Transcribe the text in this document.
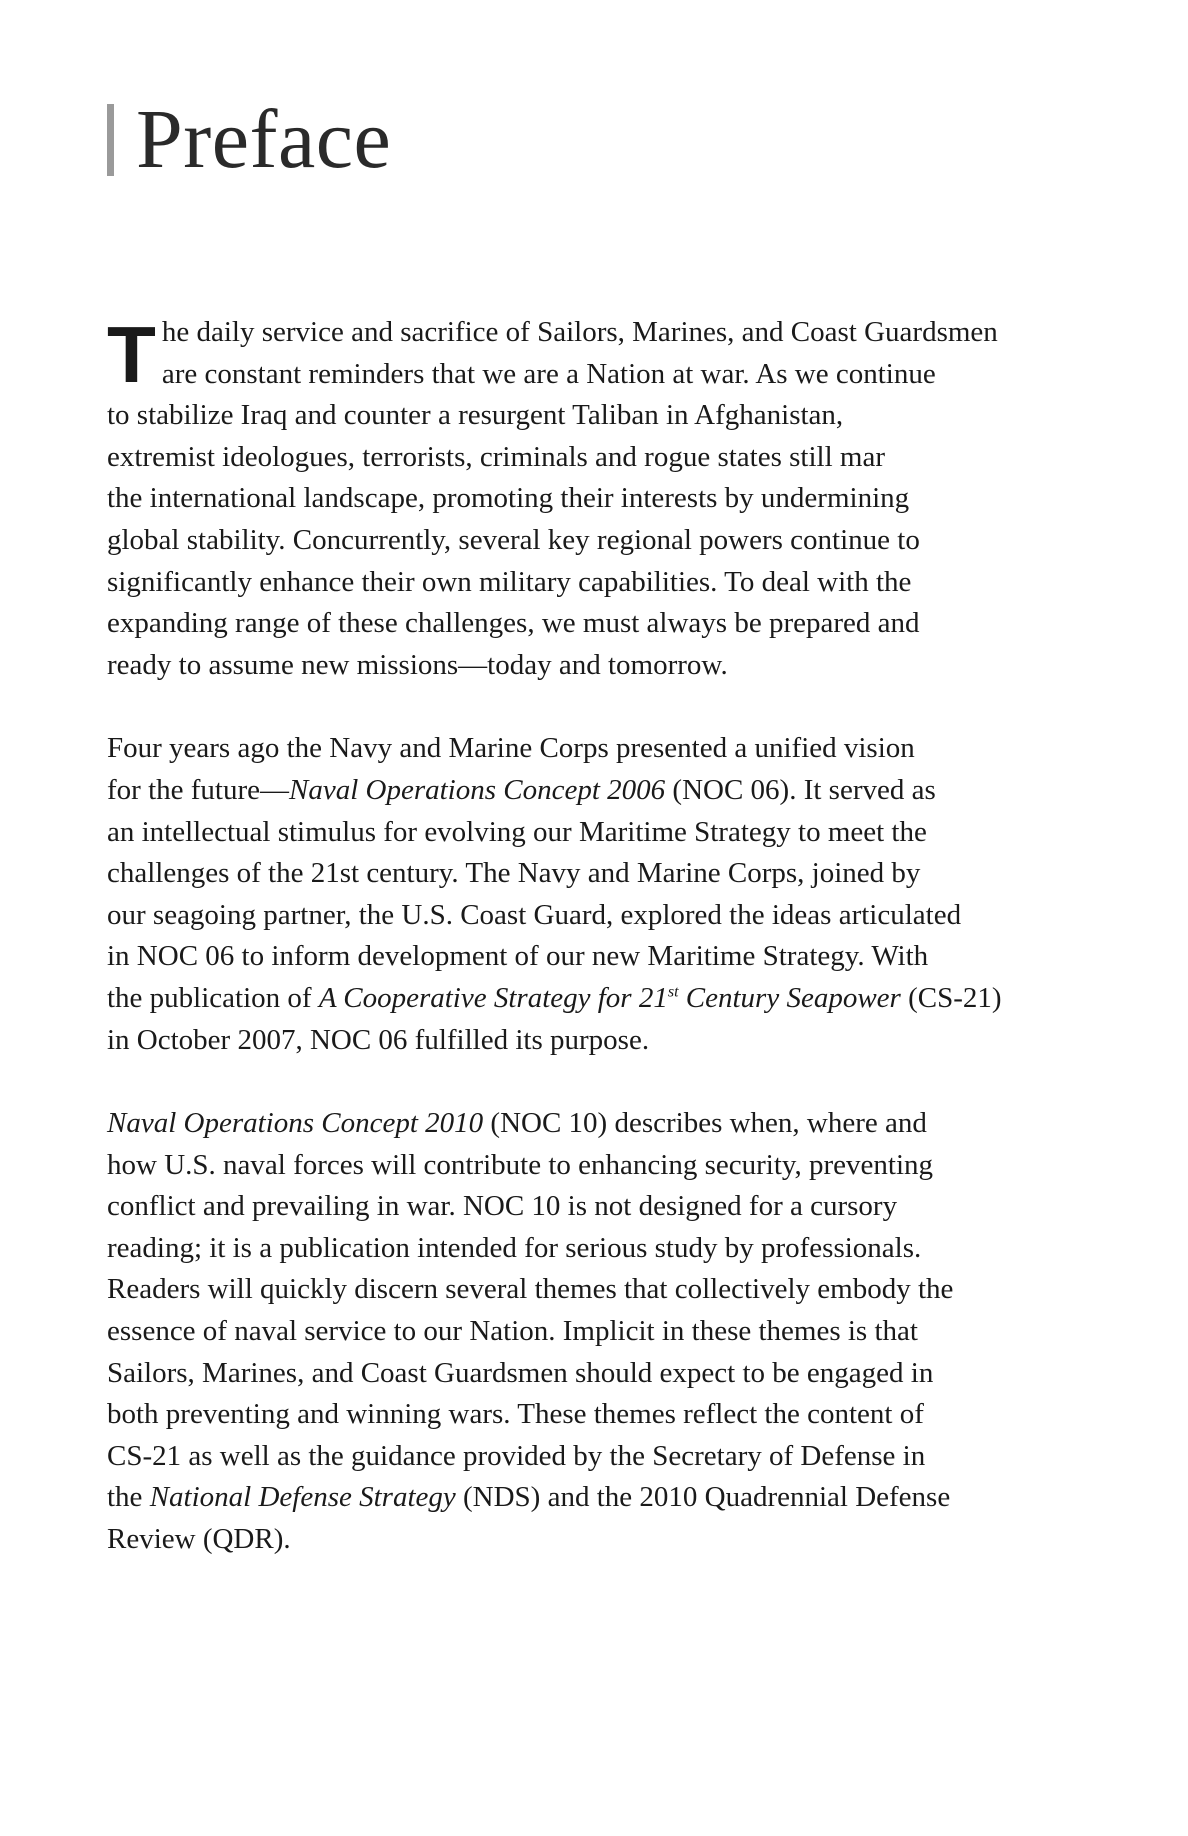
Preface

T he daily service and sacrifice of Sailors, Marines, and Coast Guardsmen
are constant reminders that we are a Nation at war. As we continue
to stabilize Iraq and counter a resurgent Taliban in Afghanistan,
extremist ideologues, terrorists, criminals and rogue states still mar
the international landscape, promoting their interests by undermining
global stability. Concurrently, several key regional powers continue to
significantly enhance their own military capabilities. To deal with the
expanding range of these challenges, we must always be prepared and
ready to assume new missions—today and tomorrow.

Four years ago the Navy and Marine Corps presented a unified vision
for the future—Naval Operations Concept 2006 (NOC 06). It served as
an intellectual stimulus for evolving our Maritime Strategy to meet the
challenges of the 21st century. The Navy and Marine Corps, joined by
our seagoing partner, the U.S. Coast Guard, explored the ideas articulated
in NOC 06 to inform development of our new Maritime Strategy. With
the publication of A Cooperative Strategy for 21st Century Seapower (CS-21)
in October 2007, NOC 06 fulfilled its purpose.

Naval Operations Concept 2010 (NOC 10) describes when, where and
how U.S. naval forces will contribute to enhancing security, preventing
conflict and prevailing in war. NOC 10 is not designed for a cursory
reading; it is a publication intended for serious study by professionals.
Readers will quickly discern several themes that collectively embody the
essence of naval service to our Nation. Implicit in these themes is that
Sailors, Marines, and Coast Guardsmen should expect to be engaged in
both preventing and winning wars. These themes reflect the content of
CS-21 as well as the guidance provided by the Secretary of Defense in
the National Defense Strategy (NDS) and the 2010 Quadrennial Defense
Review (QDR).
